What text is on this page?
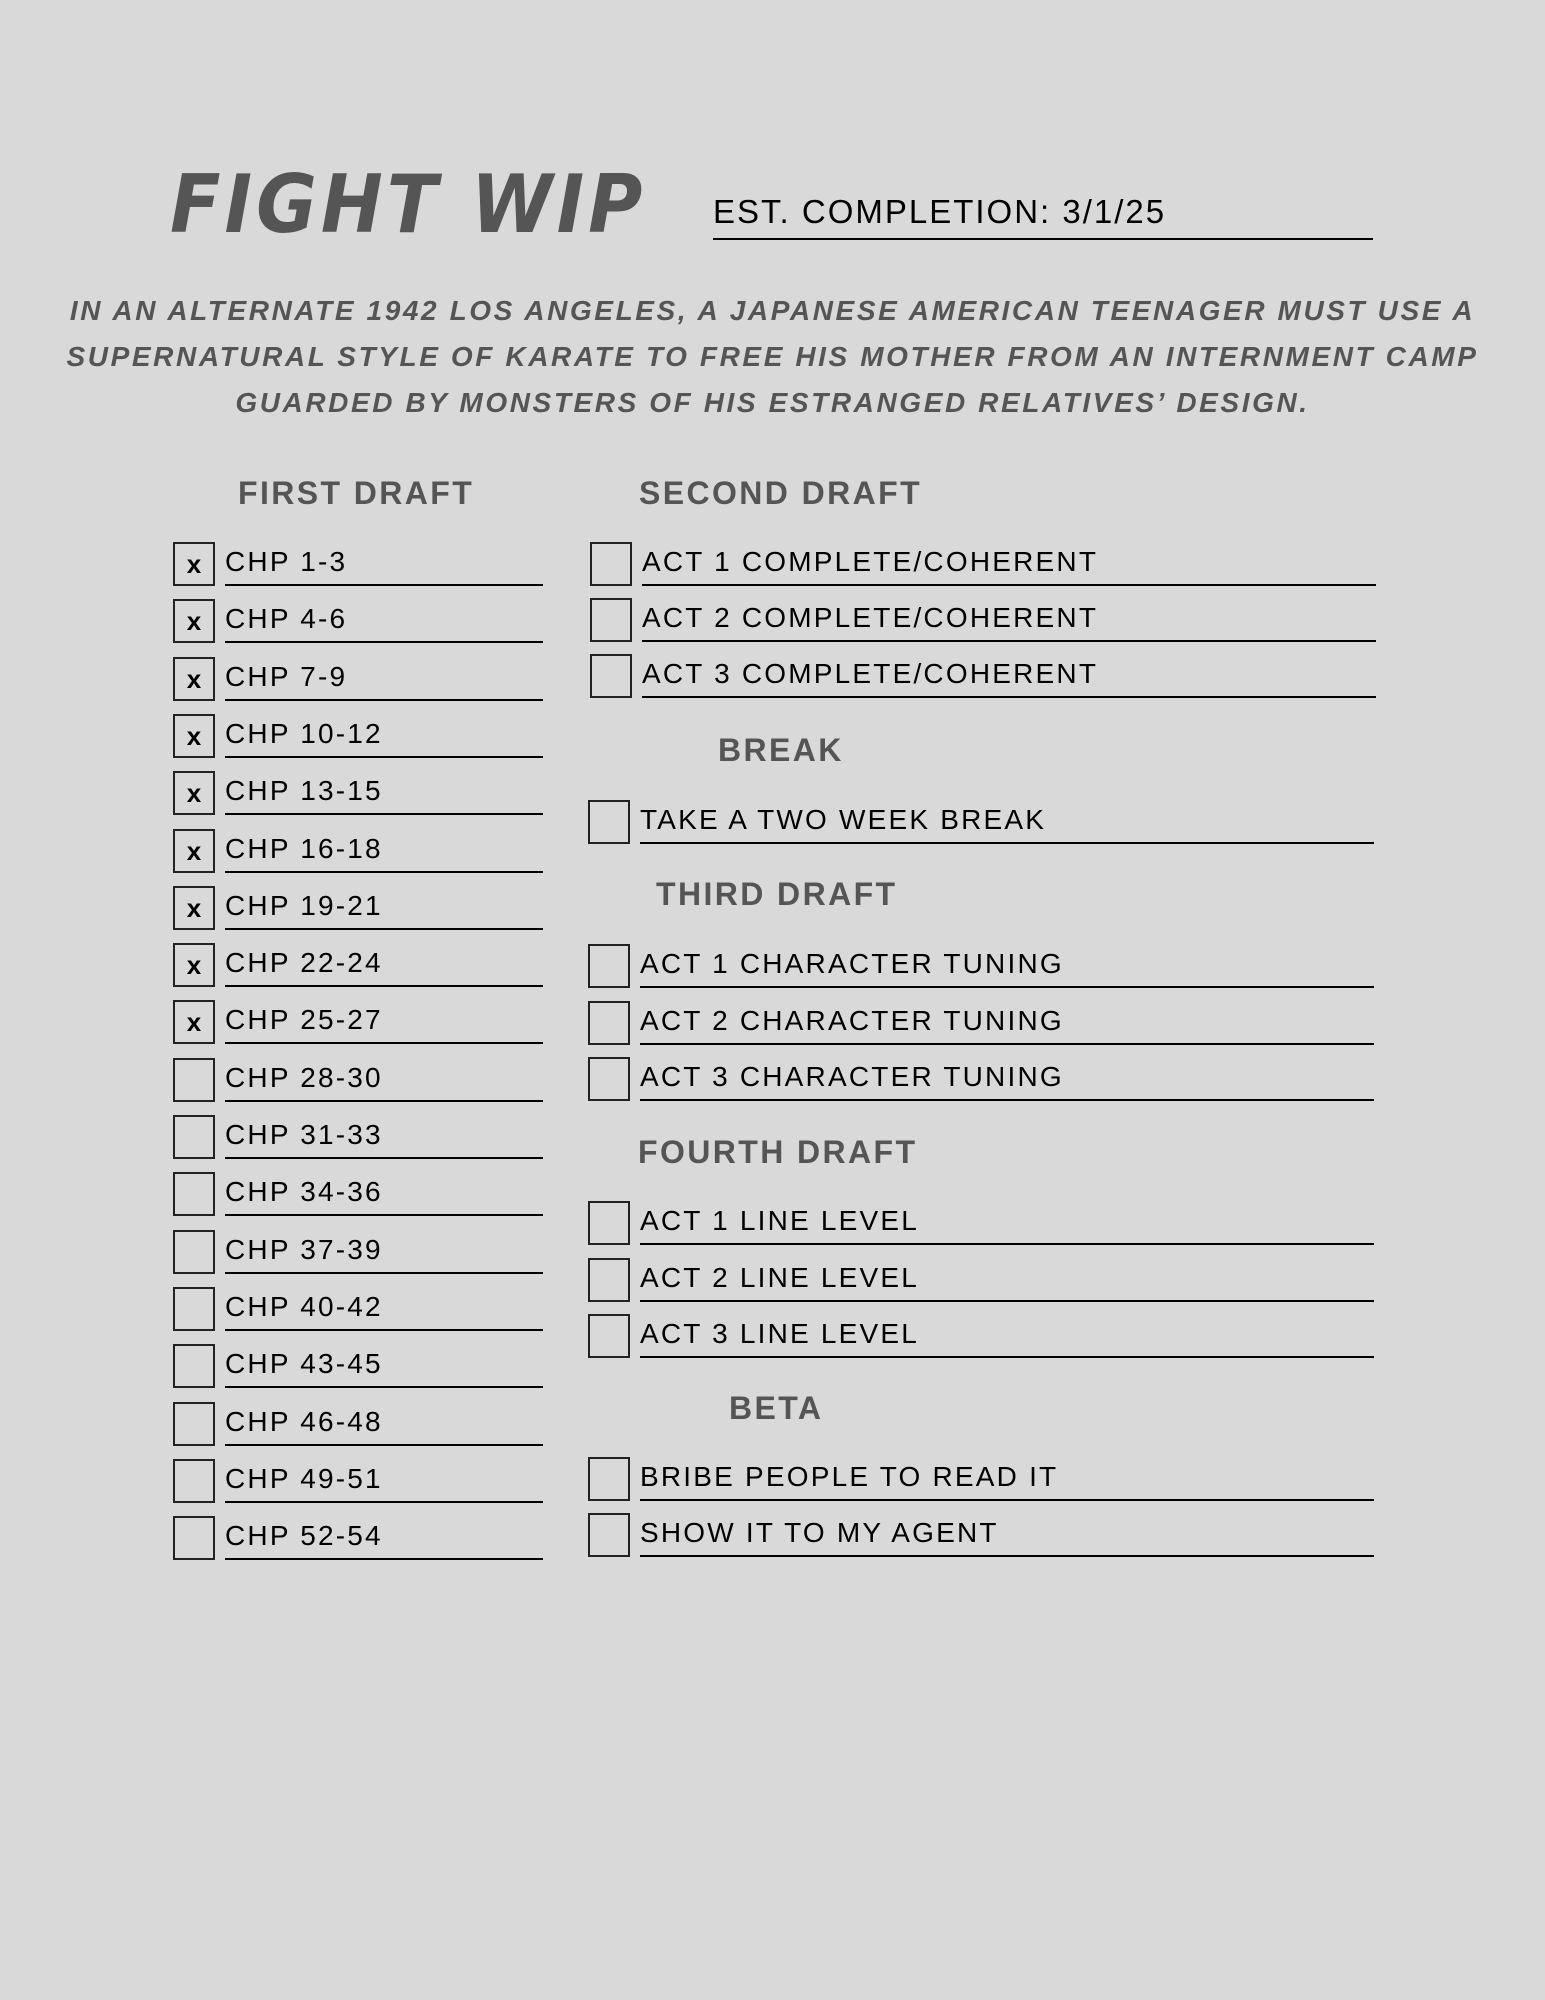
FIGHT WIP EST. COMPLETION: 3/1/25
IN AN ALTERNATE 1942 LOS ANGELES, A JAPANESE AMERICAN TEENAGER MUST USE A SUPERNATURAL STYLE OF KARATE TO FREE HIS MOTHER FROM AN INTERNMENT CAMP GUARDED BY MONSTERS OF HIS ESTRANGED RELATIVES’ DESIGN.
FIRST DRAFT	SECOND DRAFT
BREAK
THIRD DRAFT
FOURTH DRAFT
BETA
x CHP 1-3
x CHP 4-6
x CHP 7-9
x CHP 10-12
x CHP 13-15
x CHP 16-18
x CHP 19-21
x CHP 22-24
x CHP 25-27
CHP 28-30
CHP 31-33
CHP 34-36
CHP 37-39
CHP 40-42
CHP 43-45
CHP 46-48
CHP 49-51
CHP 52-54
ACT 1 COMPLETE/COHERENT
ACT 2 COMPLETE/COHERENT
ACT 3 COMPLETE/COHERENT
TAKE A TWO WEEK BREAK
ACT 1 CHARACTER TUNING
ACT 2 CHARACTER TUNING
ACT 3 CHARACTER TUNING
ACT 1 LINE LEVEL
ACT 2 LINE LEVEL
ACT 3 LINE LEVEL
BRIBE PEOPLE TO READ IT
SHOW IT TO MY AGENT
